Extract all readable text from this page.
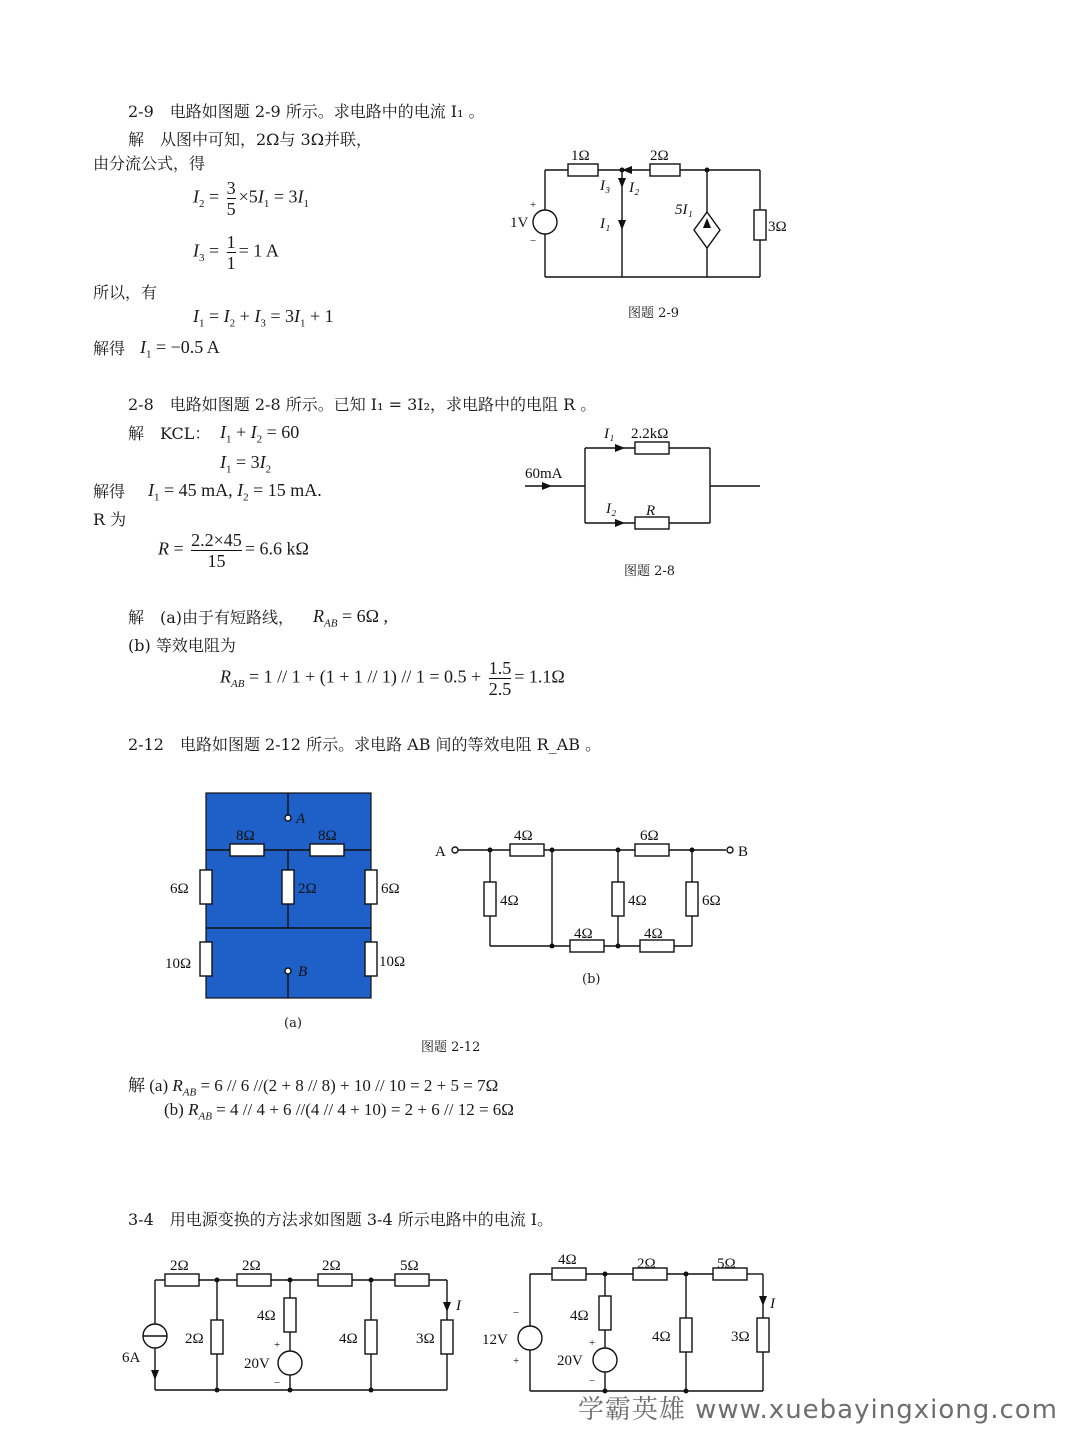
2-9　电路如图题 2-9 所示。求电路中的电流 I₁ 。
解　从图中可知，2Ω与 3Ω并联，
由分流公式，得
$I_2 = \frac{3}{5} \times 5I_1 = 3I_1$
$I_3 = \frac{1}{1} = 1$ A
所以，有
$I_1 = I_2 + I_3 = 3I_1 + 1$
解得 $I_1 = -0.5$ A
1Ω	2Ω
1V
+
−
I₃ I₂
I₁
5I₁
3Ω
图题 2-9
2-8　电路如图题 2-8 所示。已知 I₁ = 3I₂，求电路中的电阻 R 。
解　KCL： $I_1 + I_2 = 60$
$I_1 = 3I_2$
解得 $I_1 = 45$ mA, $I_2 = 15$ mA.
R 为
$R = \frac{2.2\times 45}{15} = 6.6$ kΩ
I₁ 2.2kΩ
60mA
I₂ R
图题 2-8
解　(a)由于有短路线， $R_{AB} = 6\Omega$ ,
(b) 等效电阻为
$R_{AB} = 1 // 1 + (1 + 1 // 1) // 1 = 0.5 + \frac{1.5}{2.5} = 1.1\Omega$
2-12　电路如图题 2-12 所示。求电路 AB 间的等效电阻 R_AB 。
A
8Ω	8Ω
6Ω	2Ω	6Ω
10Ω	B
10Ω
(a)
A	B
4Ω	6Ω
4Ω	4Ω	6Ω
4Ω	4Ω
(b)
图题 2-12
解 (a) $R_{AB} = 6 // 6$ //(2 + 8 // 8) + 10 // 10 = 2 + 5 = 7Ω
(b) $R_{AB} = 4 // 4 + 6$ //(4 // 4 + 10) = 2 + 6 // 12 = 6Ω
3-4　用电源变换的方法求如图题 3-4 所示电路中的电流 I。
2Ω	2Ω	2Ω	5Ω
6A
2Ω
4Ω
+
20V
−
4Ω	3Ω
I
4Ω	2Ω	5Ω
−
12V
+
4Ω
+
20V
−
4Ω	3Ω
I
学霸英雄 www.xuebayingxiong.com
